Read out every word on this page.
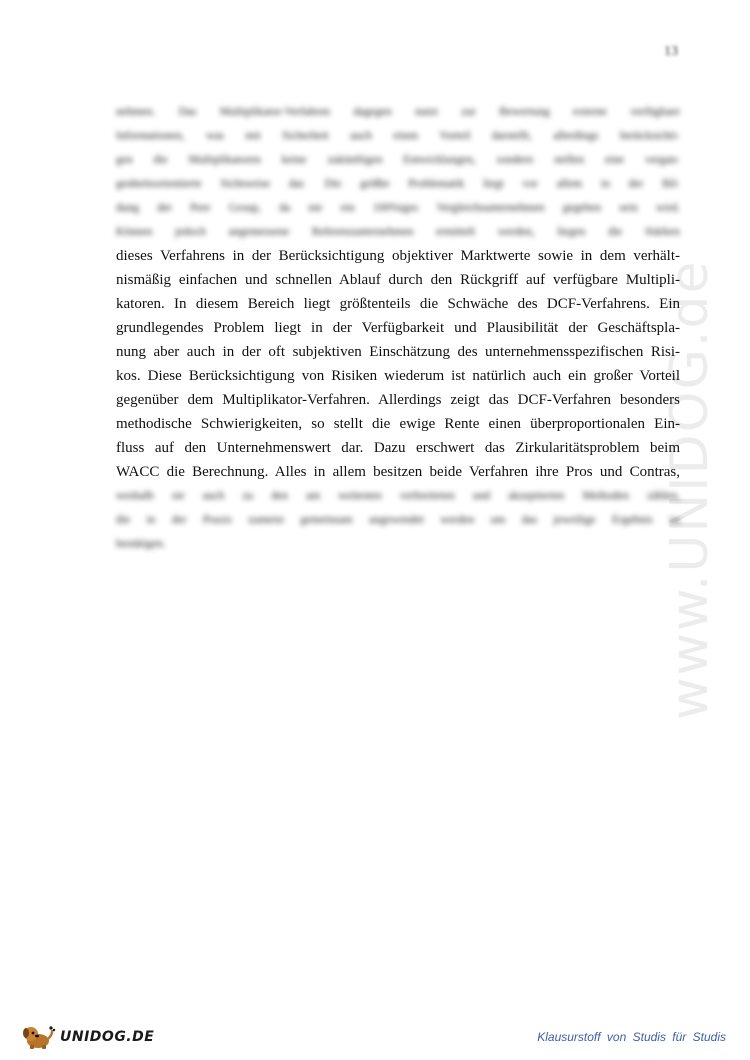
13
www.UNIDOG.de
nehmen. Das Multiplikator-Verfahren dagegen nutzt zur Bewertung externe verfügbare
Informationen, was mit Sicherheit auch einen Vorteil darstellt, allerdings berücksichti-
gen die Multiplikatoren keine zukünftigen Entwicklungen, sondern stellen eine vergan-
genheitsorientierte Sichtweise dar. Die größte Problematik liegt vor allem in der Bil-
dung der Peer Group, da nie ein 100%iges Vergleichsunternehmen gegeben sein wird.
Können jedoch angemessene Referenzunternehmen ermittelt werden, liegen die Stärken
dieses Verfahrens in der Berücksichtigung objektiver Marktwerte sowie in dem verhält-
nismäßig einfachen und schnellen Ablauf durch den Rückgriff auf verfügbare Multipli-
katoren. In diesem Bereich liegt größtenteils die Schwäche des DCF-Verfahrens. Ein
grundlegendes Problem liegt in der Verfügbarkeit und Plausibilität der Geschäftspla-
nung aber auch in der oft subjektiven Einschätzung des unternehmensspezifischen Risi-
kos. Diese Berücksichtigung von Risiken wiederum ist natürlich auch ein großer Vorteil
gegenüber dem Multiplikator-Verfahren. Allerdings zeigt das DCF-Verfahren besonders
methodische Schwierigkeiten, so stellt die ewige Rente einen überproportionalen Ein-
fluss auf den Unternehmenswert dar. Dazu erschwert das Zirkularitätsproblem beim
WACC die Berechnung. Alles in allem besitzen beide Verfahren ihre Pros und Contras,
weshalb sie auch zu den am weitesten verbreiteten und akzeptierten Methoden zählen,
die in der Praxis zumeist gemeinsam angewendet werden um das jeweilige Ergebnis zu
bestätigen.
UNIDOG.DE	Klausurstoff von Studis für Studis
